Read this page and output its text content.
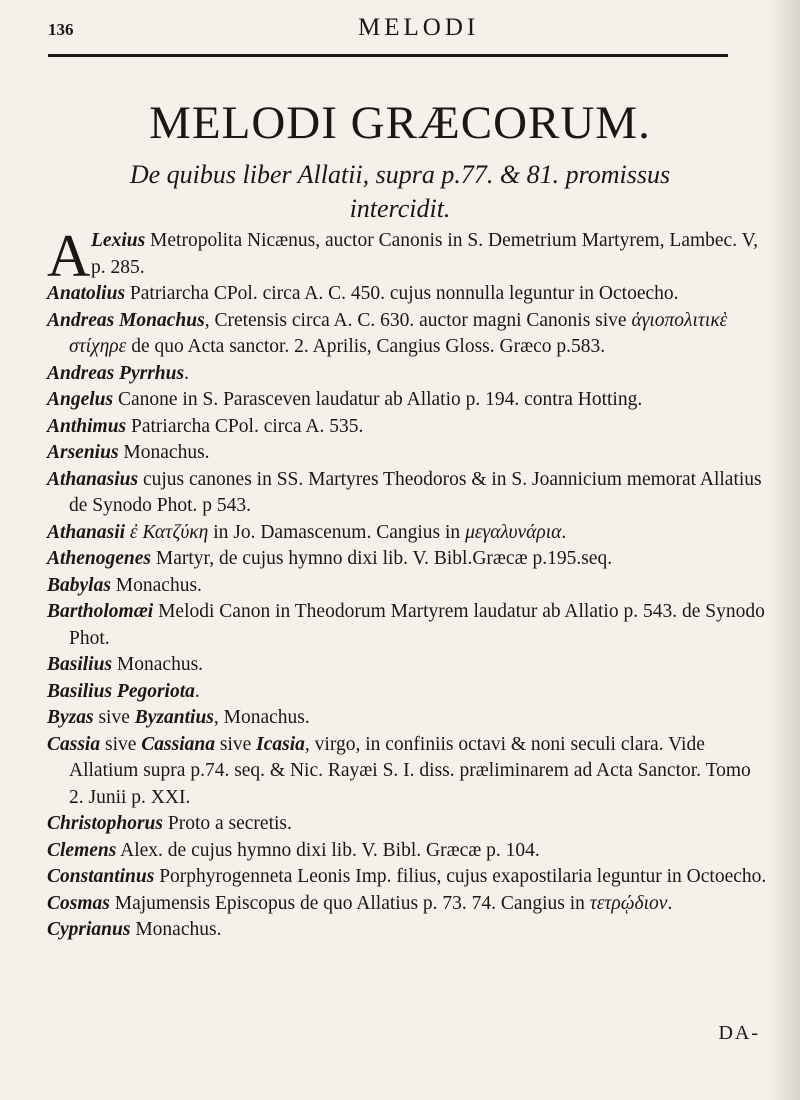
136	MELODI
MELODI GRÆCORUM.
De quibus liber Allatii, supra p.77. & 81. promissus
intercidit.

A Lexius Metropolita Nicænus, auctor Canonis in S. Demetrium Martyrem, Lambec. V, p. 285.

Anatolius Patriarcha CPol. circa A. C. 450. cujus nonnulla leguntur in Octoecho.

Andreas Monachus, Cretensis circa A. C. 630. auctor magni Canonis sive ἁγιοπολιτικὲ στίχηρε de quo Acta sanctor. 2. Aprilis, Cangius Gloss. Græco p.583.

Andreas Pyrrhus.

Angelus Canone in S. Parasceven laudatur ab Allatio p. 194. contra Hotting.

Anthimus Patriarcha CPol. circa A. 535.

Arsenius Monachus.

Athanasius cujus canones in SS. Martyres Theodoros & in S. Joannicium memorat Allatius de Synodo Phot. p 543.

Athanasii ἐ Κατζύκη in Jo. Damascenum. Cangius in μεγαλυνάρια.

Athenogenes Martyr, de cujus hymno dixi lib. V. Bibl.Græcæ p.195.seq.

Babylas Monachus.

Bartholomæi Melodi Canon in Theodorum Martyrem laudatur ab Allatio p. 543. de Synodo Phot.

Basilius Monachus.

Basilius Pegoriota.

Byzas sive Byzantius, Monachus.

Cassia sive Cassiana sive Icasia, virgo, in confiniis octavi & noni seculi clara. Vide Allatium supra p.74. seq. & Nic. Rayæi S. I. diss. præliminarem ad Acta Sanctor. Tomo 2. Junii p. XXI.

Christophorus Proto a secretis.

Clemens Alex. de cujus hymno dixi lib. V. Bibl. Græcæ p. 104.

Constantinus Porphyrogenneta Leonis Imp. filius, cujus exapostilaria leguntur in Octoecho.

Cosmas Majumensis Episcopus de quo Allatius p. 73. 74. Cangius in τετρῴδιον.

Cyprianus Monachus.

DA-
